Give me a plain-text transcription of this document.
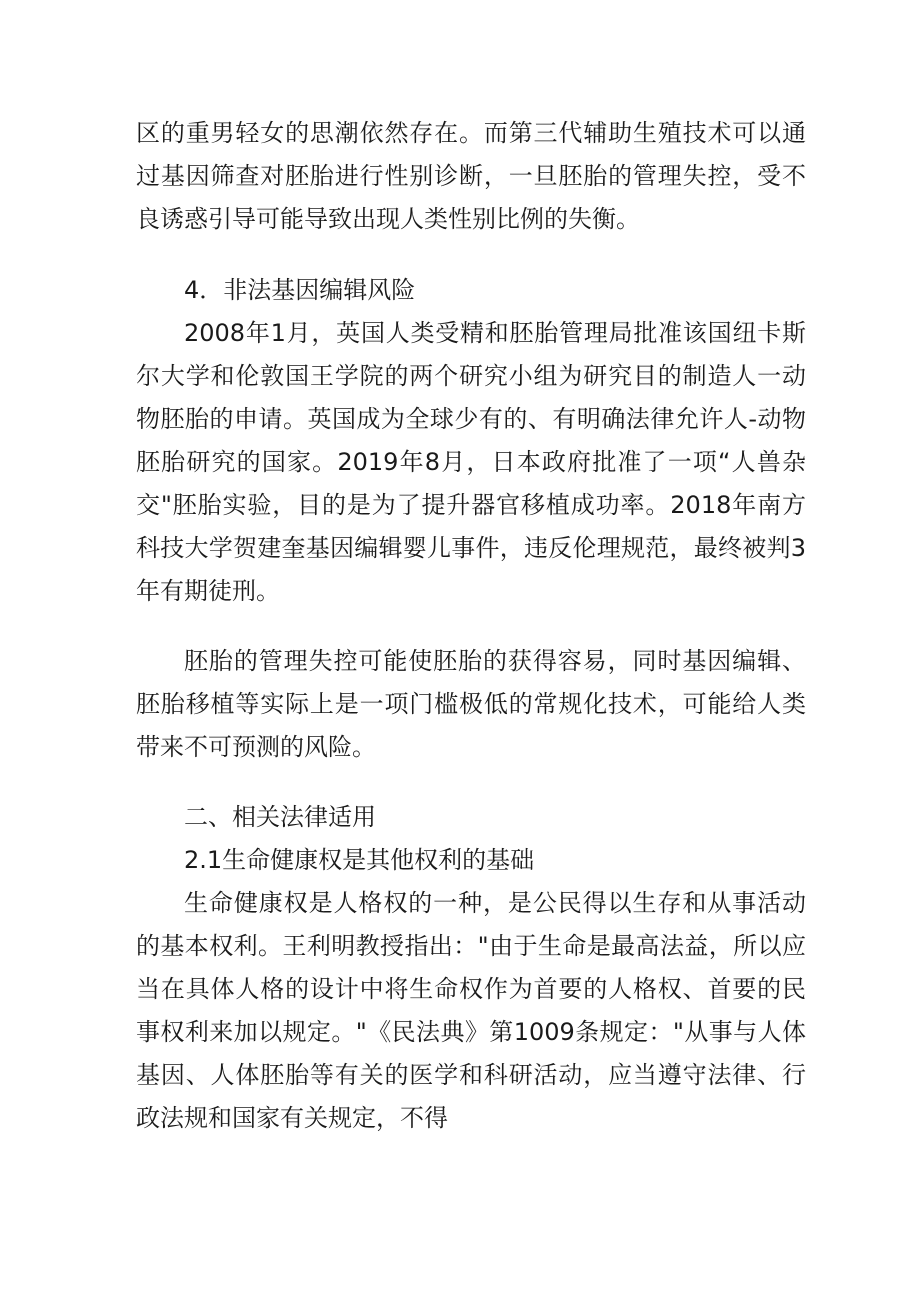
区的重男轻女的思潮依然存在。而第三代辅助生殖技术可以通过基因筛查对胚胎进行性别诊断，一旦胚胎的管理失控，受不良诱惑引导可能导致出现人类性别比例的失衡。

4．非法基因编辑风险

2008年1月，英国人类受精和胚胎管理局批准该国纽卡斯尔大学和伦敦国王学院的两个研究小组为研究目的制造人一动物胚胎的申请。英国成为全球少有的、有明确法律允许人-动物胚胎研究的国家。2019年8月，日本政府批准了一项“人兽杂交"胚胎实验，目的是为了提升器官移植成功率。2018年南方科技大学贺建奎基因编辑婴儿事件，违反伦理规范，最终被判3年有期徒刑。

胚胎的管理失控可能使胚胎的获得容易，同时基因编辑、胚胎移植等实际上是一项门槛极低的常规化技术，可能给人类带来不可预测的风险。

二、相关法律适用

2.1生命健康权是其他权利的基础

生命健康权是人格权的一种，是公民得以生存和从事活动的基本权利。王利明教授指出："由于生命是最高法益，所以应当在具体人格的设计中将生命权作为首要的人格权、首要的民事权利来加以规定。"《民法典》第1009条规定："从事与人体基因、人体胚胎等有关的医学和科研活动，应当遵守法律、行政法规和国家有关规定，不得
